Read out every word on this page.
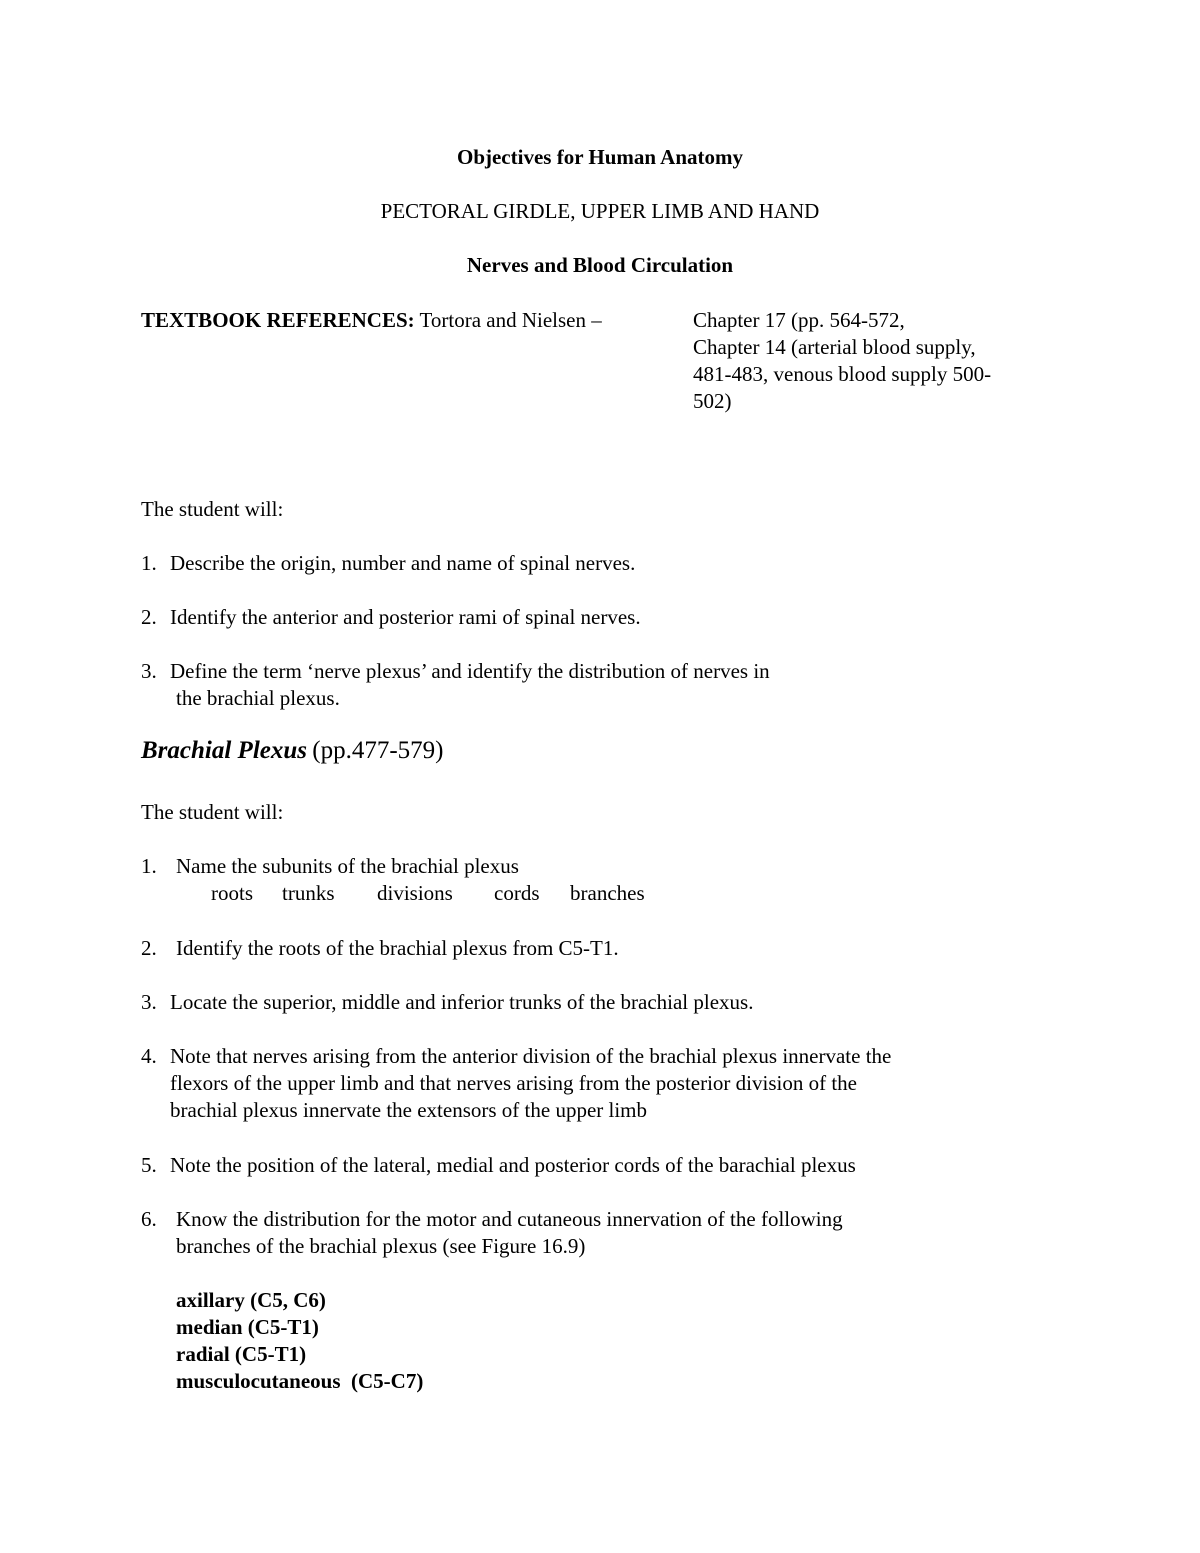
Objectives for Human Anatomy
PECTORAL GIRDLE, UPPER LIMB AND HAND
Nerves and Blood Circulation
TEXTBOOK REFERENCES: Tortora and Nielsen –	Chapter 17 (pp. 564-572,
Chapter 14 (arterial blood supply,
481-483, venous blood supply 500-
502)
The student will:
1. Describe the origin, number and name of spinal nerves.
2. Identify the anterior and posterior rami of spinal nerves.
3. Define the term ‘nerve plexus’ and identify the distribution of nerves in
the brachial plexus.
Brachial Plexus (pp.477-579)
The student will:
1. Name the subunits of the brachial plexus
roots trunks divisions cords branches
2. Identify the roots of the brachial plexus from C5-T1.
3. Locate the superior, middle and inferior trunks of the brachial plexus.
4. Note that nerves arising from the anterior division of the brachial plexus innervate the
flexors of the upper limb and that nerves arising from the posterior division of the
brachial plexus innervate the extensors of the upper limb
5. Note the position of the lateral, medial and posterior cords of the barachial plexus
6. Know the distribution for the motor and cutaneous innervation of the following
branches of the brachial plexus (see Figure 16.9)
axillary (C5, C6)
median (C5-T1)
radial (C5-T1)
musculocutaneous  (C5-C7)
